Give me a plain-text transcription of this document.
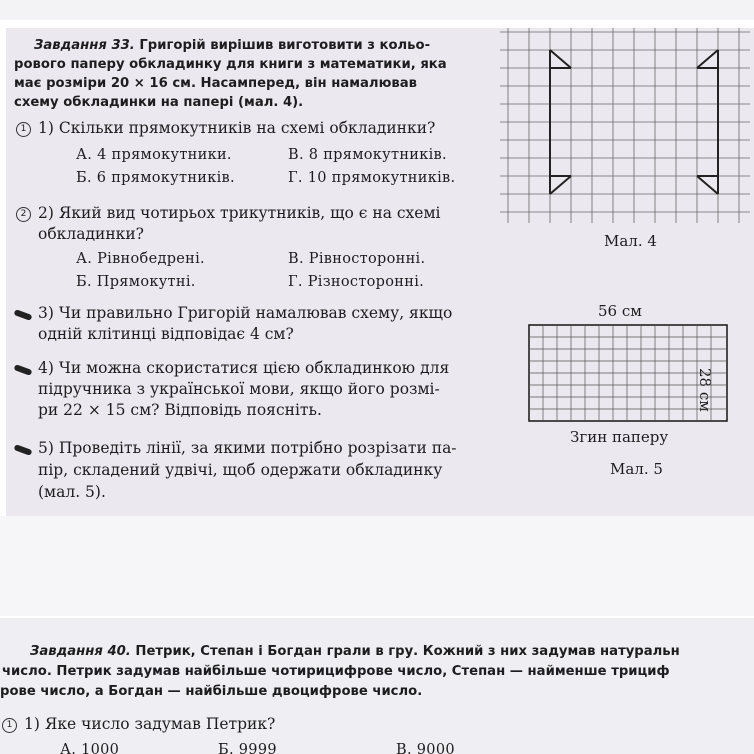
Завдання 33. Григорій вирішив виготовити з кольо-
рового паперу обкладинку для книги з математики, яка
має розміри 20 × 16 см. Насамперед, він намалював
схему обкладинки на папері (мал. 4).
1 1) Скільки прямокутників на схемі обкладинки?
А. 4 прямокутники.	В. 8 прямокутників.
Б. 6 прямокутників.	Г. 10 прямокутників.
2 2) Який вид чотирьох трикутників, що є на схемі
обкладинки?
А. Рівнобедрені.	В. Рівносторонні.
Б. Прямокутні.	Г. Різносторонні.
3) Чи правильно Григорій намалював схему, якщо
одній клітинці відповідає 4 см?
4) Чи можна скористатися цією обкладинкою для
підручника з української мови, якщо його розмі-
ри 22 × 15 см? Відповідь поясніть.
5) Проведіть лінії, за якими потрібно розрізати па-
пір, складений удвічі, щоб одержати обкладинку
(мал. 5).
Мал. 4
56 см
28 см
Згин паперу
Мал. 5
Завдання 40. Петрик, Степан і Богдан грали в гру. Кожний з них задумав натуральн
число. Петрик задумав найбільше чотирицифрове число, Степан — найменше трициф
рове число, а Богдан — найбільше двоцифрове число.
1 1) Яке число задумав Петрик?
А. 1000	Б. 9999	В. 9000
